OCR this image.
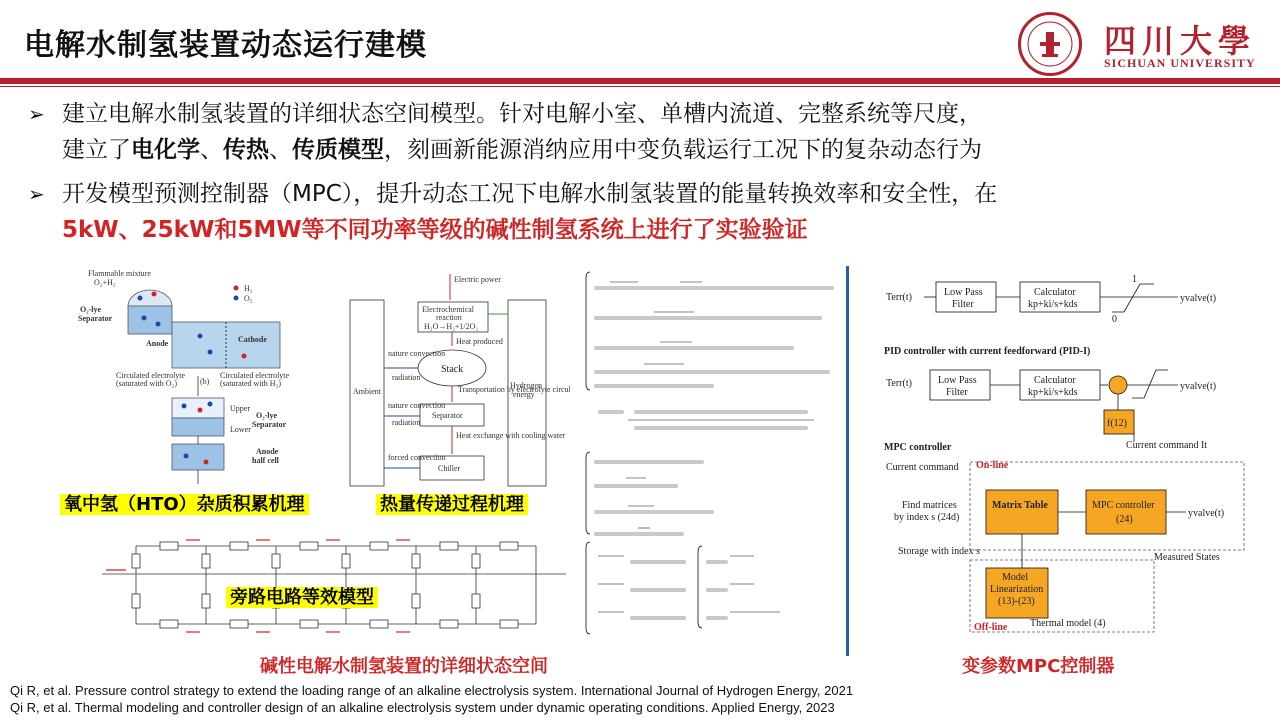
电解水制氢装置动态运行建模	四川大學
SICHUAN UNIVERSITY
➢ 建立电解水制氢装置的详细状态空间模型。针对电解小室、单槽内流道、完整系统等尺度，
建立了电化学、传热、传质模型，刻画新能源消纳应用中变负载运行工况下的复杂动态行为
➢ 开发模型预测控制器（MPC），提升动态工况下电解水制氢装置的能量转换效率和安全性，在
5kW、25kW和5MW等不同功率等级的碱性制氢系统上进行了实验验证
Flammable mixture
O₂+H₂
O₂-lye
Separator
H₂
O₂
Anode	Cathode
Circulated electrolyte
(saturated with O₂)
Circulated electrolyte
(saturated with H₂)
(b)
Upper
Lower
O₂-lye
Separator
Anode
half cell
氧中氢（HTO）杂质积累机理
Ambient
Hydrogen
energy
Electric power
Electrochemical
reaction
H₂O→H₂+1/2O₂
Heat produced
Stack
Transportation by electrolyte circu
Separator
Heat exchange with cooling water
Chiller
nature convection
radiation
nature convection
radiation
forced convection
热量传递过程机理
旁路电路等效模型
碱性电解水制氢装置的详细状态空间
Terr(t)	Low Pass
Filter
Calculator
kp+ki/s+kds
1
0
yvalve(t)
PID controller with current feedforward (PID-I)
Terr(t)	Low Pass
Filter
Calculator
kp+ki/s+kds
yvalve(t)
f(12)
Current command It
MPC controller
Current command On-line
Find matrices
by index s (24d)
Matrix Table	MPC controller
(24)
yvalve(t)
Storage with index s
Measured States
Model
Linearization
(13)-(23)
Off-line Thermal model (4)
变参数MPC控制器
Qi R, et al. Pressure control strategy to extend the loading range of an alkaline electrolysis system. International Journal of Hydrogen Energy, 2021
Qi R, et al. Thermal modeling and controller design of an alkaline electrolysis system under dynamic operating conditions. Applied Energy, 2023
